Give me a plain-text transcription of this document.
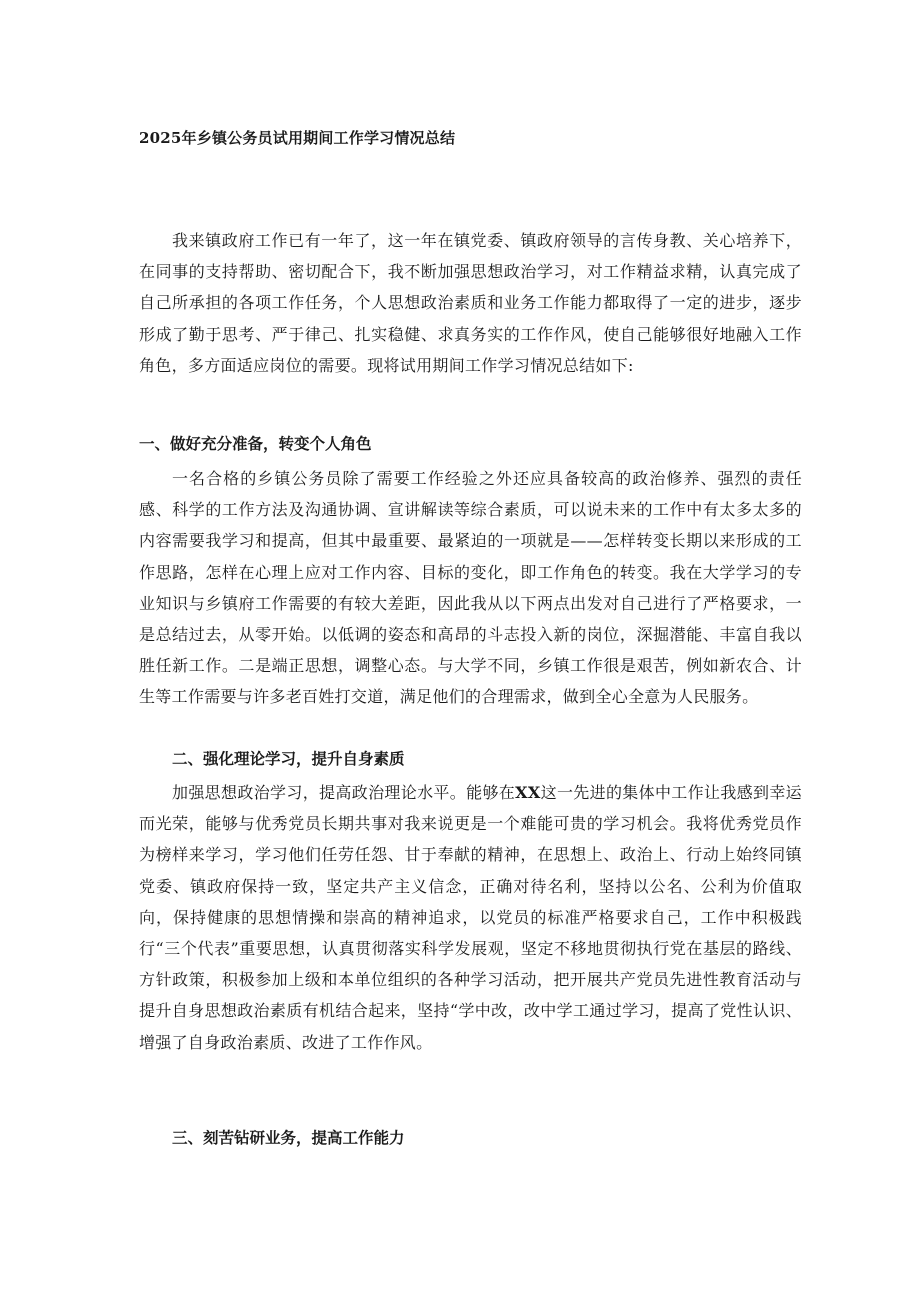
2025年乡镇公务员试用期间工作学习情况总结

我来镇政府工作已有一年了，这一年在镇党委、镇政府领导的言传身教、关心培养下，在同事的支持帮助、密切配合下，我不断加强思想政治学习，对工作精益求精，认真完成了自己所承担的各项工作任务，个人思想政治素质和业务工作能力都取得了一定的进步，逐步形成了勤于思考、严于律己、扎实稳健、求真务实的工作作风，使自己能够很好地融入工作角色，多方面适应岗位的需要。现将试用期间工作学习情况总结如下:

一、做好充分准备，转变个人角色

一名合格的乡镇公务员除了需要工作经验之外还应具备较高的政治修养、强烈的责任感、科学的工作方法及沟通协调、宣讲解读等综合素质，可以说未来的工作中有太多太多的内容需要我学习和提高，但其中最重要、最紧迫的一项就是——怎样转变长期以来形成的工作思路，怎样在心理上应对工作内容、目标的变化，即工作角色的转变。我在大学学习的专业知识与乡镇府工作需要的有较大差距，因此我从以下两点出发对自己进行了严格要求，一是总结过去，从零开始。以低调的姿态和高昂的斗志投入新的岗位，深掘潜能、丰富自我以胜任新工作。二是端正思想，调整心态。与大学不同，乡镇工作很是艰苦，例如新农合、计生等工作需要与许多老百姓打交道，满足他们的合理需求，做到全心全意为人民服务。

二、强化理论学习，提升自身素质

加强思想政治学习，提高政治理论水平。能够在XX这一先进的集体中工作让我感到幸运而光荣，能够与优秀党员长期共事对我来说更是一个难能可贵的学习机会。我将优秀党员作为榜样来学习，学习他们任劳任怨、甘于奉献的精神，在思想上、政治上、行动上始终同镇党委、镇政府保持一致，坚定共产主义信念，正确对待名利，坚持以公名、公利为价值取向，保持健康的思想情操和崇高的精神追求，以党员的标准严格要求自己，工作中积极践行“三个代表”重要思想，认真贯彻落实科学发展观，坚定不移地贯彻执行党在基层的路线、方针政策，积极参加上级和本单位组织的各种学习活动，把开展共产党员先进性教育活动与提升自身思想政治素质有机结合起来，坚持“学中改，改中学工通过学习，提高了党性认识、增强了自身政治素质、改进了工作作风。

三、刻苦钻研业务，提高工作能力
